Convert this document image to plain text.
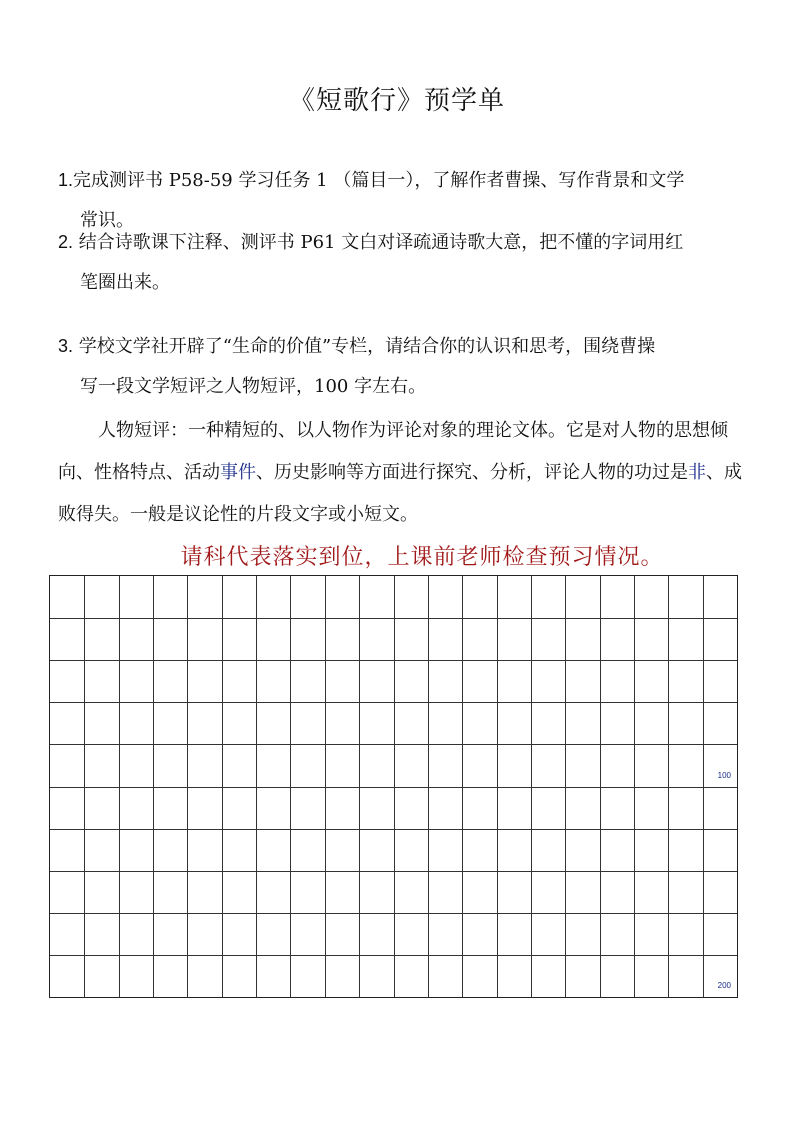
《短歌行》预学单
1.完成测评书 P58-59 学习任务 1 （篇目一），了解作者曹操、写作背景和文学
常识。
2. 结合诗歌课下注释、测评书 P61 文白对译疏通诗歌大意，把不懂的字词用红
笔圈出来。
3. 学校文学社开辟了“生命的价值”专栏，请结合你的认识和思考，围绕曹操
写一段文学短评之人物短评，100 字左右。
人物短评：一种精短的、以人物作为评论对象的理论文体。它是对人物的思想倾向、性格特点、活动事件、历史影响等方面进行探究、分析，评论人物的功过是非、成败得失。一般是议论性的片段文字或小短文。
请科代表落实到位，上课前老师检查预习情况。
100
200
